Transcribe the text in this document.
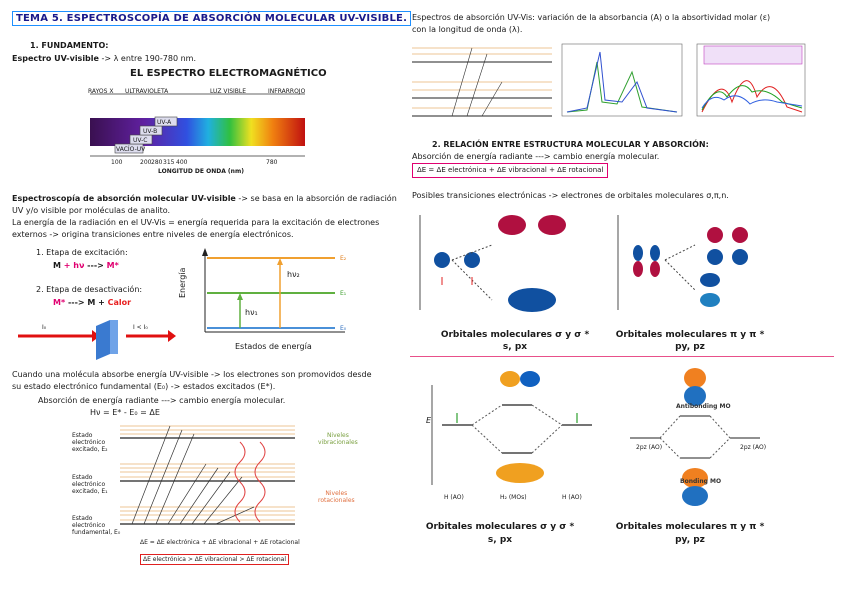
TEMA 5. ESPECTROSCOPÍA DE ABSORCIÓN MOLECULAR UV-VISIBLE.
1. FUNDAMENTO:
Espectro UV-visible -> λ entre 190-780 nm.
EL ESPECTRO ELECTROMAGNÉTICO
RAYOS X ULTRAVIOLETA	LUZ VISIBLE	INFRARROJO
UV-A
UV-B
UV-C
VACÍO-UV
100	200 280 315 400	780
LONGITUD DE ONDA (nm)
Espectroscopía de absorción molecular UV-visible -> se basa en la absorción de radiación
UV y/o visible por moléculas de analito.
La energía de la radiación en el UV-Vis = energía requerida para la excitación de electrones
externos -> origina transiciones entre niveles de energía electrónicos.
1. Etapa de excitación:
M + hν ---> M*
2. Etapa de desactivación:
M* ---> M + Calor
I₀	I < I₀
Energía
E₂
E₁
E₀
hν₂
hν₁
Estados de energía
Cuando una molécula absorbe energía UV-visible -> los electrones son promovidos desde
su estado electrónico fundamental (E₀) -> estados excitados (E*).
Absorción de energía radiante ---> cambio energía molecular.
Hν = E* - E₀ = ΔE
Estado
electrónico
excitado, E₂
Estado
electrónico
excitado, E₁
Estado
electrónico
fundamental, E₀
Niveles
vibracionales
Niveles
rotacionales
ΔE = ΔE electrónica + ΔE vibracional + ΔE rotacional
ΔE electrónica > ΔE vibracional > ΔE rotacional
Espectros de absorción UV-Vis: variación de la absorbancia (A) o la absortividad molar (ε)
con la longitud de onda (λ).
2. RELACIÓN ENTRE ESTRUCTURA MOLECULAR Y ABSORCIÓN:
Absorción de energía radiante ---> cambio energía molecular.
ΔE = ΔE electrónica + ΔE vibracional + ΔE rotacional
Posibles transiciones electrónicas -> electrones de orbitales moleculares σ,π,n.
Orbitales moleculares σ y σ *
s, px
Orbitales moleculares π y π *
py, pz
E
H (AO)	H₂ (MOs)	H (AO)
Antibonding MO
Bonding MO
2pz (AO)	2pz (AO)
Orbitales moleculares σ y σ *
s, px
Orbitales moleculares π y π *
py, pz
